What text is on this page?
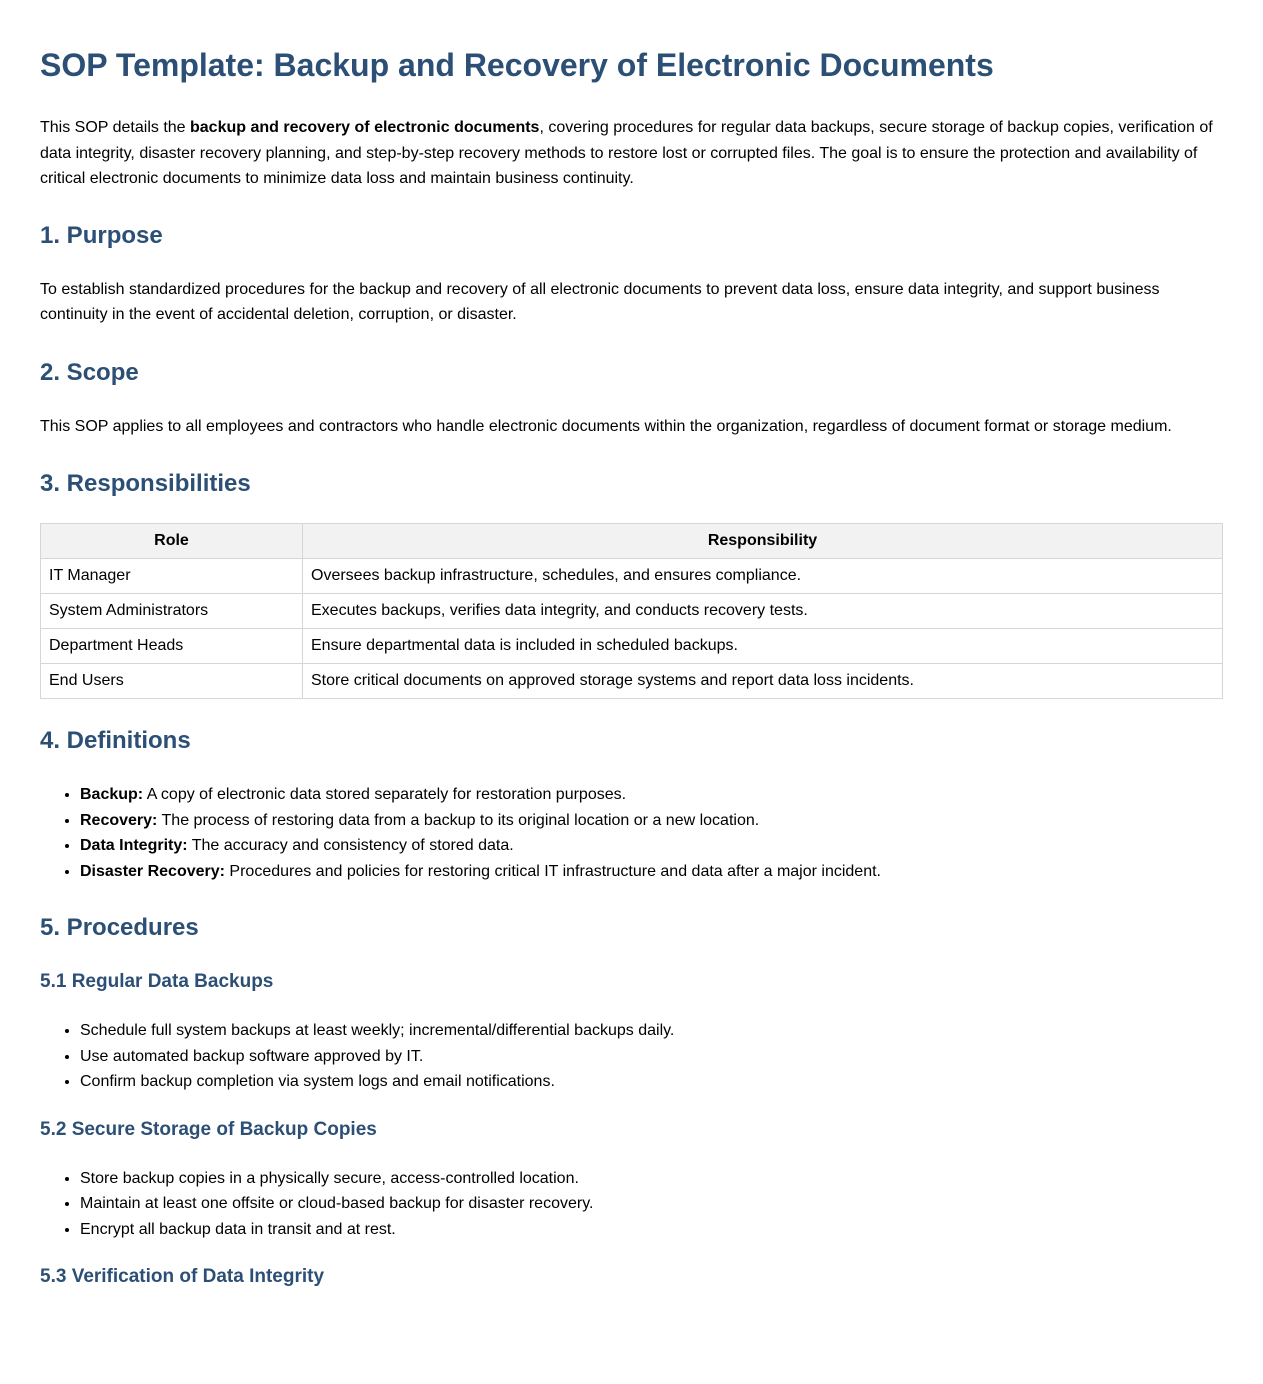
SOP Template: Backup and Recovery of Electronic Documents

This SOP details the backup and recovery of electronic documents, covering procedures for regular data backups, secure storage of backup copies, verification of data integrity, disaster recovery planning, and step-by-step recovery methods to restore lost or corrupted files. The goal is to ensure the protection and availability of critical electronic documents to minimize data loss and maintain business continuity.

1. Purpose

To establish standardized procedures for the backup and recovery of all electronic documents to prevent data loss, ensure data integrity, and support business continuity in the event of accidental deletion, corruption, or disaster.

2. Scope

This SOP applies to all employees and contractors who handle electronic documents within the organization, regardless of document format or storage medium.

3. Responsibilities
Role	Responsibility
IT Manager	Oversees backup infrastructure, schedules, and ensures compliance.
System Administrators	Executes backups, verifies data integrity, and conducts recovery tests.
Department Heads	Ensure departmental data is included in scheduled backups.
End Users	Store critical documents on approved storage systems and report data loss incidents.
4. Definitions
• Backup: A copy of electronic data stored separately for restoration purposes.
• Recovery: The process of restoring data from a backup to its original location or a new location.
• Data Integrity: The accuracy and consistency of stored data.
• Disaster Recovery: Procedures and policies for restoring critical IT infrastructure and data after a major incident.
5. Procedures
5.1 Regular Data Backups
• Schedule full system backups at least weekly; incremental/differential backups daily.
• Use automated backup software approved by IT.
• Confirm backup completion via system logs and email notifications.
5.2 Secure Storage of Backup Copies
• Store backup copies in a physically secure, access-controlled location.
• Maintain at least one offsite or cloud-based backup for disaster recovery.
• Encrypt all backup data in transit and at rest.
5.3 Verification of Data Integrity
